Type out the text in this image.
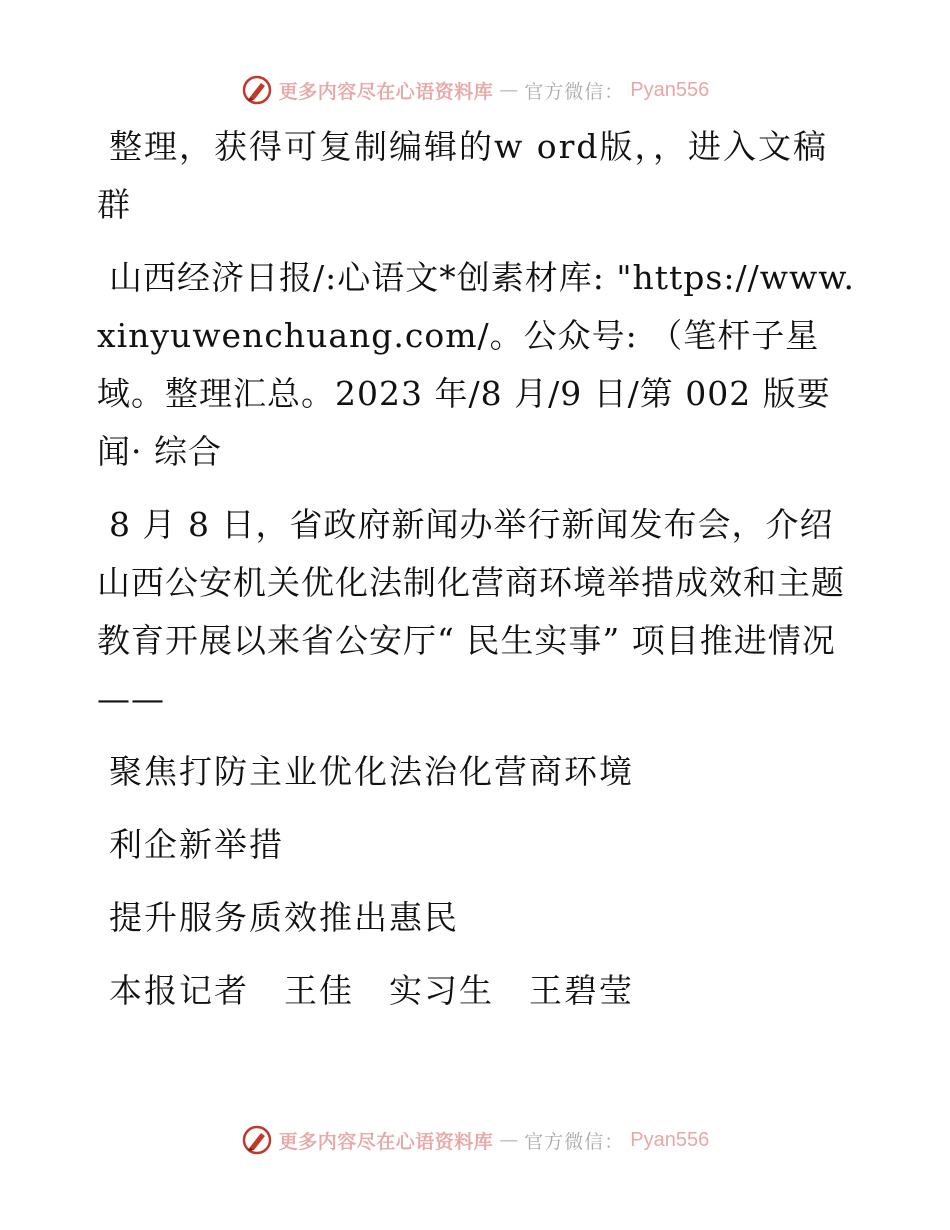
更多内容尽在心语资料库 — 官方微信： Pyan556

整理，获得可复制编辑的w ord版，，进入文稿群

山西经济日报/:心语文*创素材库: "https://www.xinyuwenchuang.com/。公众号: （笔杆子星域。整理汇总。2023 年/8 月/9 日/第 002 版要闻· 综合

8 月 8 日，省政府新闻办举行新闻发布会，介绍山西公安机关优化法制化营商环境举措成效和主题教育开展以来省公安厅“ 民生实事” 项目推进情况——

聚焦打防主业优化法治化营商环境

利企新举措

提升服务质效推出惠民

本报记者　王佳　实习生　王碧莹

更多内容尽在心语资料库 — 官方微信： Pyan556
